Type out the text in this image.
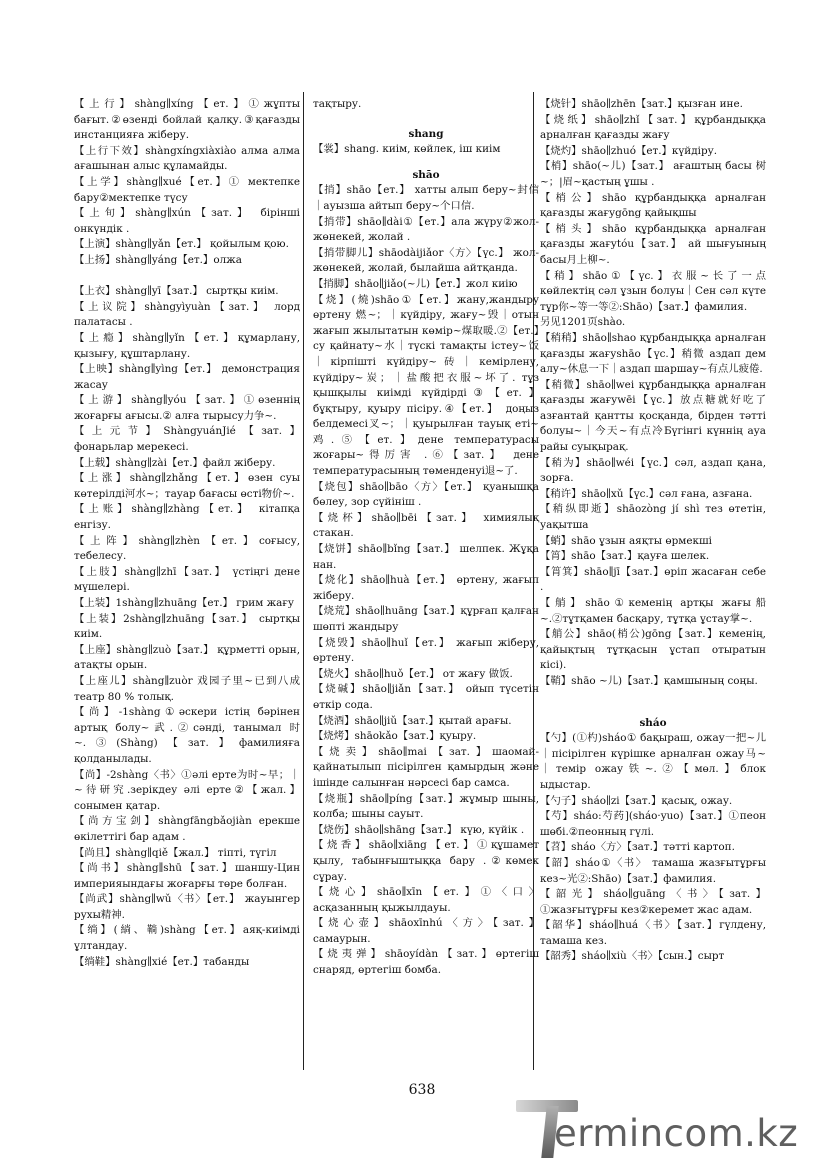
【上行】shàng∥xíng【ет.】①жұпты бағыт.②өзенді бойлай қалқу.③қағазды инстанцияға жіберу.

【上行下效】shàngxíngxiàxiào алма алма ағашынан алыс құламайды.

【上学】shàng∥xué【ет.】① мектепке бару②мектепке түсу

【上旬】shàng∥xún【зат.】 бірінші онкүндік .

【上演】shàng∥yǎn【ет.】 қойылым қою.

【上扬】shàng∥yáng【ет.】олжа

【上衣】shàng∥yī【зат.】 сыртқы киім.

【上议院】shàngyìyuàn【зат.】 лорд палатасы .

【上瘾】shàng∥yǐn【ет.】құмарлану, қызығу, құштарлану.

【上映】shàng∥yìng【ет.】 демонстрация жасау

【上游】shàng∥yóu【зат.】①өзеннің жоғарғы ағысы.② алға тырысу力争~.

【上元节】ShàngyuánJié【зат.】 фонарьлар мерекесі.

【上载】shàng∥zài【ет.】файл жіберу.

【上涨】shàng∥zhǎng【ет.】өзен суы көтерілді河水~；тауар бағасы өсті物价~.

【上账】shàng∥zhàng【ет.】 кітапқа енгізу.

【上阵】shàng∥zhèn【ет.】соғысу, тебелесу.

【上肢】shàng∥zhī【зат.】 үстіңгі дене мүшелері.

【上装】1shàng∥zhuāng【ет.】 грим жағу

【上装】2shàng∥zhuāng【зат.】 сыртқы киім.

【上座】shàng∥zuò【зат.】 құрметті орын, атақты орын.

【上座儿】shàng∥zuòr 戏园子里~已到八成 театр 80 % толық.

【尚】-1shàng①әскери істің бәрінен артық болу~武.②сәнді, танымал 时~.③(Shàng)【зат.】фамилияға қолданылады.

【尚】-2shàng〈书〉①әлі ерте为时~早；｜~待研究.зерікдеу әлі ерте②【жал.】сонымен қатар.

【尚方宝剑】shàngfāngbǎojiàn ерекше өкілеттігі бар адам .

【尚且】shàng∥qiě【жал.】 тіпті, түгіл

【尚书】shàng∥shū【зат.】шаншу-Цин империяындағы жоғарғы төре болған.

【尚武】shàng∥wǔ〈书〉【ет.】 жауынгер рухы精神.

【绱】(緔、鞝)shàng【ет.】аяқ-киімді ұлтандау.

【绱鞋】shàng∥xié【ет.】табанды

тақтыру.

shang

【裳】shang. киім, көйлек, іш киім

shāo

【捎】shāo【ет.】 хатты алып беру~封信｜ауызша айтып беру~个口信.

【捎带】shāo∥dài①【ет.】ала жүру②жол-жөнекей, жолай .

【捎带脚儿】shāodàijiǎor〈方〉【үс.】 жол-жөнекей, жолай, былайша айтқанда.

【捎脚】shāo∥jiǎo(~儿)【ет.】жол киiю

【烧】(燒)shāo①【ет.】жану,жандыру өртену 燃~；｜күйдіру, жағу~毁｜отын жағып жылытатын көмір~煤取暖.②【ет.】су қайнату~水｜түскі тамақты істеу~饭｜кірпішті күйдіру~砖｜кемірлену, күйдіру~炭；｜盐酸把衣服~坏了. тұз қышқылы киімді күйдірді③【ет.】 бұқтыру, қуыру пісіру.④【ет.】 доңыз белдемесі叉~；｜қуырылған тауық еті~鸡.⑤【ет.】дене температурасы жоғары~得厉害 .⑥【зат.】 дене температурасының төменденуі退~了.

【烧包】shāo∥bāo〈方〉【ет.】 қуанышқа бөлеу, зор сүйініш .

【烧杯】shāo∥bēi【зат.】 химиялық стакан.

【烧饼】shāo∥bǐng【зат.】 шелпек. Жұқа нан.

【烧化】shāo∥huà【ет.】 өртену, жағып жіберу.

【烧荒】shāo∥huāng【зат.】құрғап қалған шөпті жандыру

【烧毁】shāo∥huǐ【ет.】 жағып жіберу, өртену.

【烧火】shāo∥huǒ【ет.】 от жағу 做饭.

【烧碱】shāo∥jiǎn【зат.】 ойып түсетін өткір сода.

【烧酒】shāo∥jiǔ【зат.】қытай арағы.

【烧烤】shāokǎo【зат.】қуыру.

【烧卖】shāo∥mai【зат.】шаомай-қайнатылып пісірілген қамырдың және ішінде салынған нәрсесі бар самса.

【烧瓶】shāo∥píng【зат.】жұмыр шыны, колба; шыны сауыт.

【烧伤】shāo∥shāng【зат.】 күю, күйік .

【烧香】shāo∥xiāng【ет.】①құшамет қылу, табынғыштыққа бару .②көмек сұрау.

【烧心】shāo∥xīn【ет.】①〈口〉асқазанның қыжылдауы.

【烧心壶】shāoxīnhú〈方〉【зат.】 самаурын.

【烧夷弹】shāoyídàn【зат.】өртегіш снаряд, өртегіш бомба.

【烧针】shāo∥zhēn【зат.】қызған ине.

【烧纸】shāo∥zhǐ【зат.】құрбандыққа арналған қағазды жағу

【烧灼】shāo∥zhuó【ет.】күйдіру.

【梢】shāo(~儿)【зат.】 ағаштың басы 树~；|眉~қастың ұшы .

【梢公】shāo құрбандыққа арналған қағазды жағуgōng қайықшы

【梢头】shāo құрбандыққа арналған қағазды жағуtóu【зат.】 ай шығуының басы月上柳~.

【稍】shāo①【үс.】衣服~长了一点 көйлектің сәл ұзын болуы｜Сен сәл күте тұр你~等一等②:Shāo)【зат.】фамилия.

另见1201页shào.

【稍稍】shāo∥shao құрбандыққа арналған қағазды жағуshāo【үс.】稍微 аздап дем алу~休息一下｜аздап шаршау~有点儿疲倦.

【稍微】shāo∥wei құрбандыққа арналған қағазды жағуwēi【үс.】放点糖就好吃了 азғантай қантты қосқанда, бірден тәтті болуы~｜今天~有点冷Бүгінгі күннің ауа райы суықырақ.

【稍为】shāo∥wéi【үс.】сәл, аздап қана, зорға.

【稍许】shāo∥xǔ【үс.】сәл ғана, азғана.

【稍纵即逝】shāozòng jí shì тез өтетін, уақытша

【蛸】shāo ұзын аяқты өрмекші

【筲】shāo【зат.】қауға шелек.

【筲箕】shāo∥jī【зат.】өріп жасаған себе .

【艄】shāo①кеменің артқы жағы船~.②тұтқамен басқару, тұтқа ұстау掌~.

【艄公】shāo(梢公)gōng【зат.】кеменің, қайықтың тұтқасын ұстап отыратын кісі).

【鞘】shāo ~儿)【зат.】қамшының соңы.

sháo

【勺】(①杓)sháo① бақыраш, ожау一把~儿｜пісірілген күрішке арналған ожау马~｜темір ожау铁~.②【мөл.】блок ыдыстар.

【勺子】sháo∥zi【зат.】қасық, ожау.

【芍】sháo:芍药](sháo·yuo)【зат.】①пеон шөбі.②пеонның гүлі.

【苕】sháo〈方〉【зат.】тәтті картоп.

【韶】sháo①〈书〉 тамаша жазғытұрғы кез~光②:Shāo)【зат.】фамилия.

【韶光】sháo∥guāng〈书〉【зат.】①жазғытұрғы кез②керемет жас адам.

【韶华】sháo∥huá〈书〉【зат.】гүлдену, тамаша кез.

【韶秀】sháo∥xiù〈书〉【сын.】сырт

638
ermincom.kz
